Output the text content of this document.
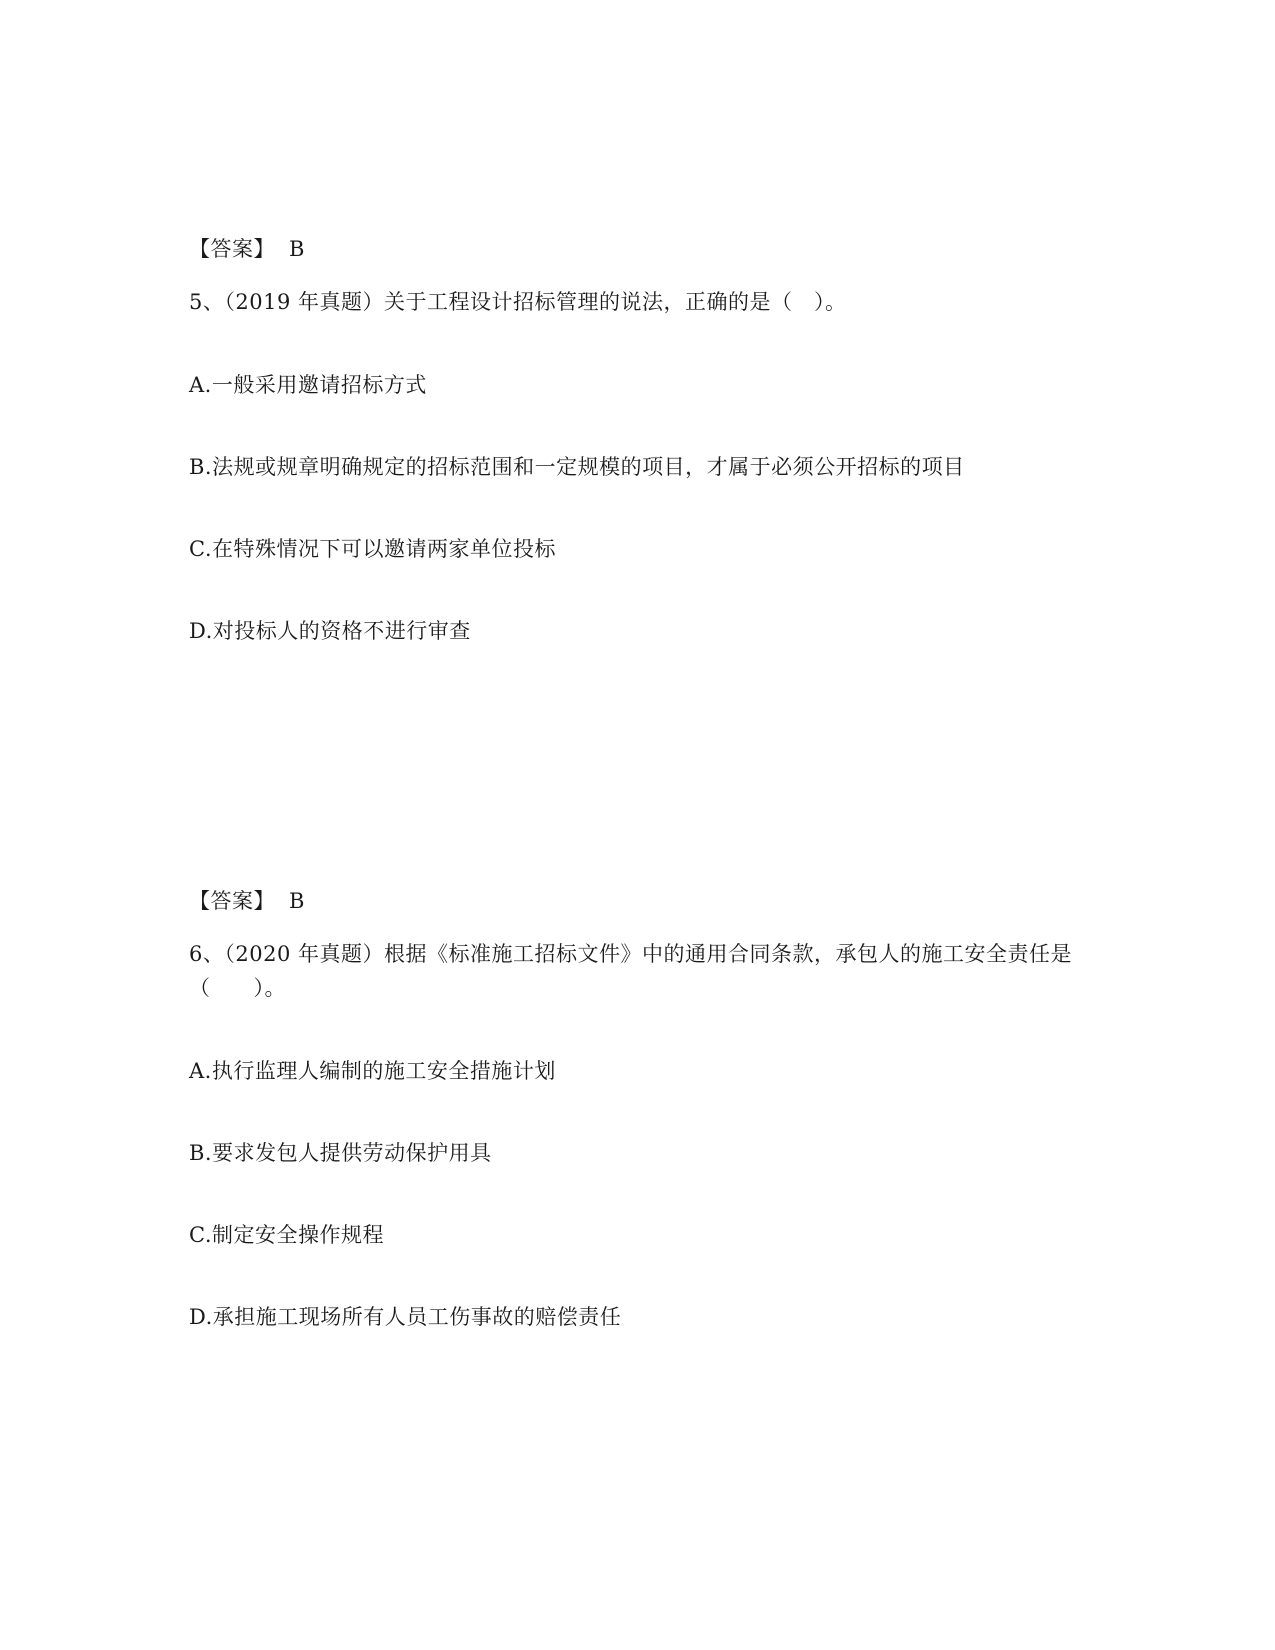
【答案】 B
5、（2019 年真题）关于工程设计招标管理的说法，正确的是（　）。
A.一般采用邀请招标方式
B.法规或规章明确规定的招标范围和一定规模的项目，才属于必须公开招标的项目
C.在特殊情况下可以邀请两家单位投标
D.对投标人的资格不进行审查
【答案】 B
6、（2020 年真题）根据《标准施工招标文件》中的通用合同条款，承包人的施工安全责任是（　　）。
A.执行监理人编制的施工安全措施计划
B.要求发包人提供劳动保护用具
C.制定安全操作规程
D.承担施工现场所有人员工伤事故的赔偿责任
